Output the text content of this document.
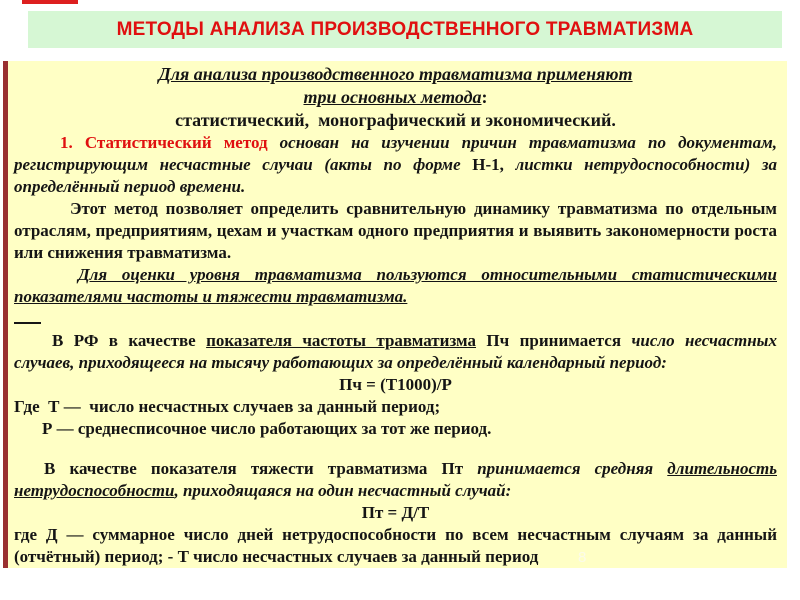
МЕТОДЫ АНАЛИЗА ПРОИЗВОДСТВЕННОГО ТРАВМАТИЗМА

Для анализа производственного травматизма применяют

три основных метода:

статистический,  монографический и экономический.

1. Статистический метод основан на изучении причин травматизма по документам, регистрирующим несчастные случаи (акты по форме Н-1, листки нетрудоспособности) за определённый период времени.

Этот метод позволяет определить сравнительную динамику травматизма по отдельным отраслям, предприятиям, цехам и участкам одного предприятия и выявить закономерности роста или снижения травматизма.

Для оценки уровня травматизма пользуются относительными статистическими показателями частоты и тяжести травматизма.

В РФ в качестве показателя частоты травматизма Пч принимается число несчастных случаев, приходящееся на тысячу работающих за определённый календарный период:

Пч = (Т1000)/Р

Где  Т —  число несчастных случаев за данный период;

Р — среднесписочное число работающих за тот же период.

В качестве показателя тяжести травматизма Пт принимается средняя длительность нетрудоспособности, приходящаяся на один несчастный случай:

Пт = Д/Т

где Д — суммарное число дней нетрудоспособности по всем несчастным случаям за данный (отчётный) период; - Т число несчастных случаев за данный период	8
